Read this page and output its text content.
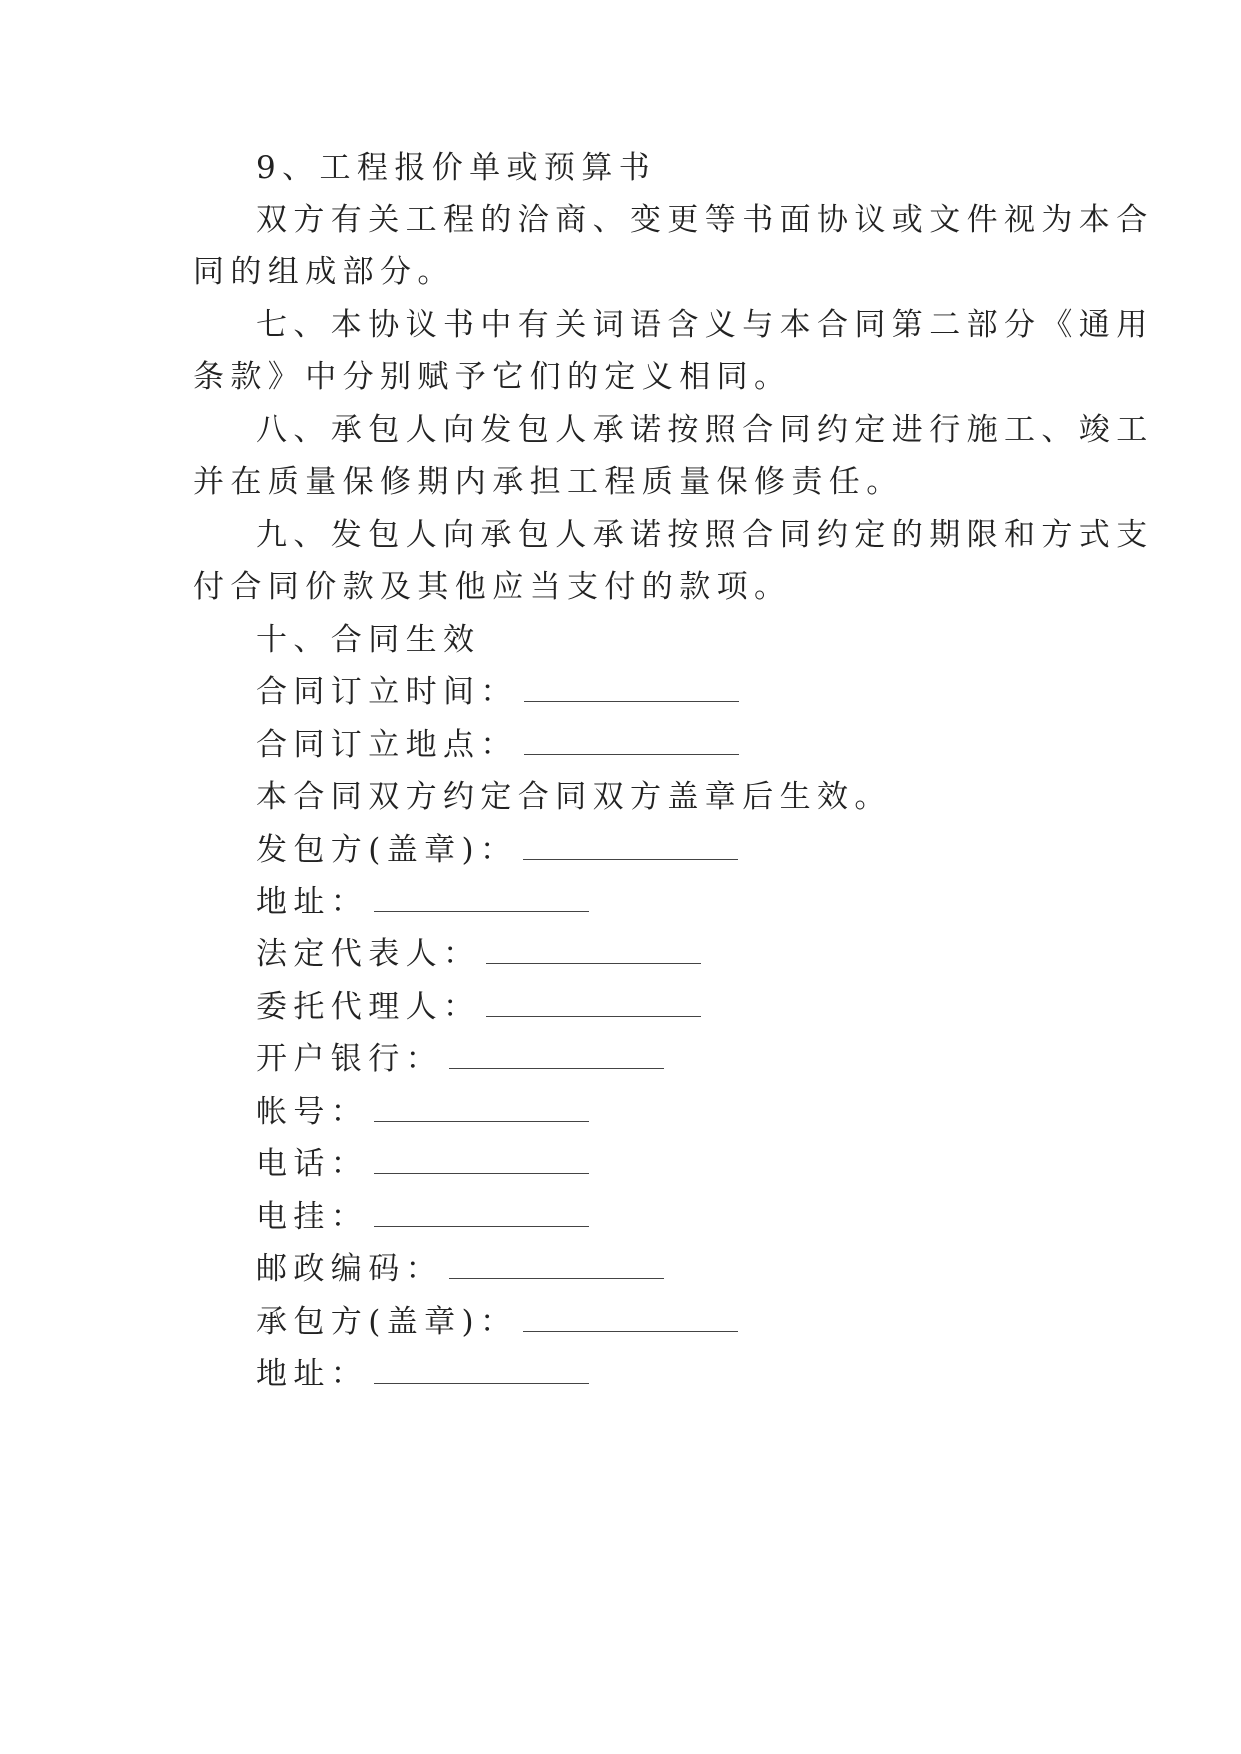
9、工程报价单或预算书
双方有关工程的洽商、变更等书面协议或文件视为本合
同的组成部分。
七、本协议书中有关词语含义与本合同第二部分《通用
条款》中分别赋予它们的定义相同。
八、承包人向发包人承诺按照合同约定进行施工、竣工
并在质量保修期内承担工程质量保修责任。
九、发包人向承包人承诺按照合同约定的期限和方式支
付合同价款及其他应当支付的款项。
十、合同生效
合同订立时间：
合同订立地点：
本合同双方约定合同双方盖章后生效。
发包方(盖章)：
地址：
法定代表人：
委托代理人：
开户银行：
帐号：
电话：
电挂：
邮政编码：
承包方(盖章)：
地址：
